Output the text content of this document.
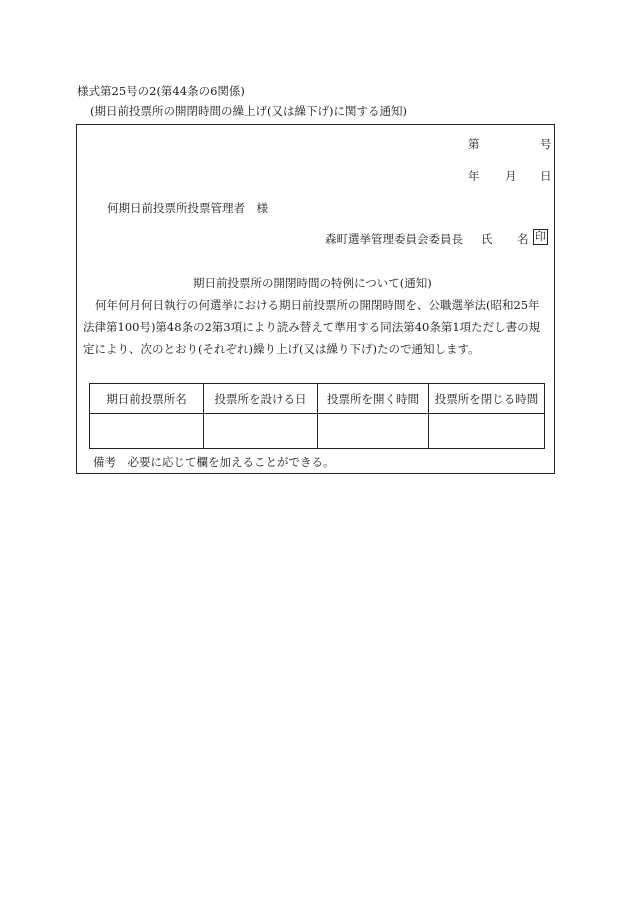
様式第25号の2(第44条の6関係)
(期日前投票所の開閉時間の繰上げ(又は繰下げ)に関する通知)
第	号
年 月 日
何期日前投票所投票管理者　様
森町選挙管理委員会委員長 氏 名 印
期日前投票所の開閉時間の特例について(通知)
何年何月何日執行の何選挙における期日前投票所の開閉時間を、公職選挙法(昭和25年法律第100号)第48条の2第3項により読み替えて準用する同法第40条第1項ただし書の規定により、次のとおり(それぞれ)繰り上げ(又は繰り下げ)たので通知します。
期日前投票所名	投票所を設ける日	投票所を開く時間	投票所を閉じる時間

備考　必要に応じて欄を加えることができる。
